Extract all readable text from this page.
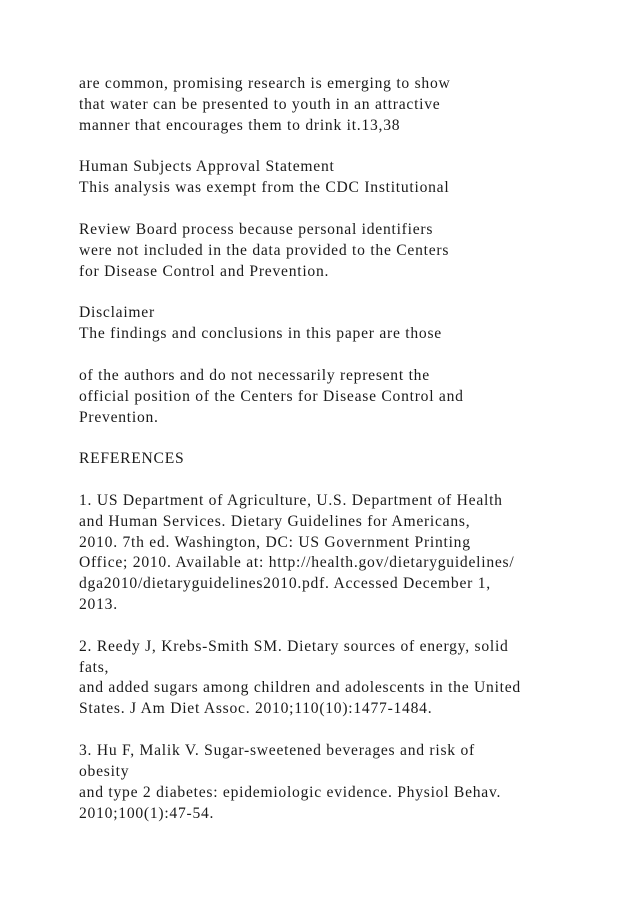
are common, promising research is emerging to show
that water can be presented to youth in an attractive
manner that encourages them to drink it.13,38
Human Subjects Approval Statement
This analysis was exempt from the CDC Institutional
Review Board process because personal identifiers
were not included in the data provided to the Centers
for Disease Control and Prevention.
Disclaimer
The findings and conclusions in this paper are those
of the authors and do not necessarily represent the
official position of the Centers for Disease Control and
Prevention.
REFERENCES
1. US Department of Agriculture, U.S. Department of Health
and Human Services. Dietary Guidelines for Americans,
2010. 7th ed. Washington, DC: US Government Printing
Office; 2010. Available at: http://health.gov/dietaryguidelines/
dga2010/dietaryguidelines2010.pdf. Accessed December 1,
2013.
2. Reedy J, Krebs-Smith SM. Dietary sources of energy, solid
fats,
and added sugars among children and adolescents in the United
States. J Am Diet Assoc. 2010;110(10):1477-1484.
3. Hu F, Malik V. Sugar-sweetened beverages and risk of
obesity
and type 2 diabetes: epidemiologic evidence. Physiol Behav.
2010;100(1):47-54.
